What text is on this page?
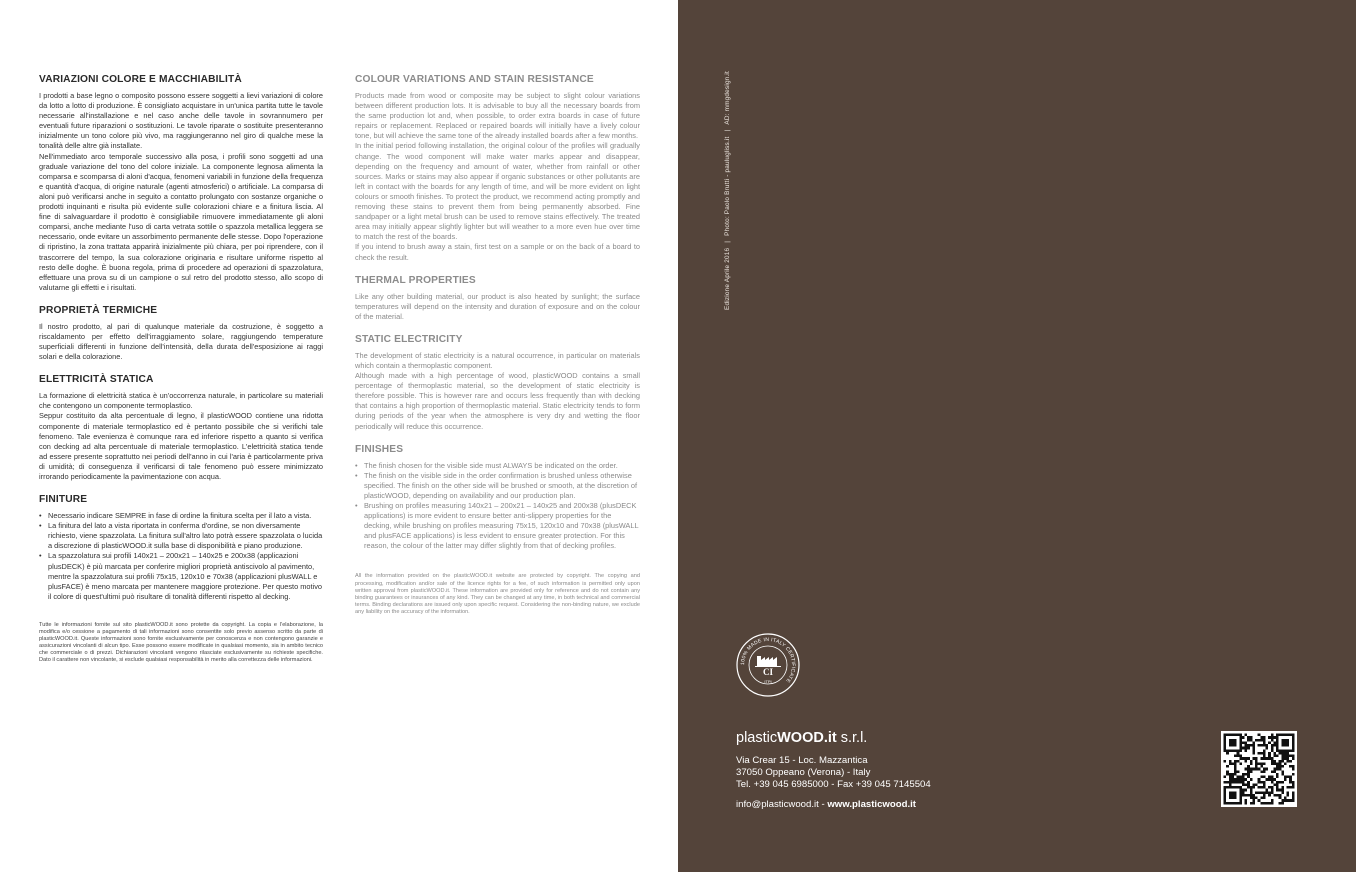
VARIAZIONI COLORE E MACCHIABILITÀ

I prodotti a base legno o composito possono essere soggetti a lievi variazioni di colore da lotto a lotto di produzione. È consigliato acquistare in un'unica partita tutte le tavole necessarie all'installazione e nel caso anche delle tavole in sovrannumero per eventuali future riparazioni o sostituzioni. Le tavole riparate o sostituite presenteranno inizialmente un tono colore più vivo, ma raggiungeranno nel giro di qualche mese la tonalità delle altre già installate.

Nell'immediato arco temporale successivo alla posa, i profili sono soggetti ad una graduale variazione del tono del colore iniziale. La componente legnosa alimenta la comparsa e scomparsa di aloni d'acqua, fenomeni variabili in funzione della frequenza e quantità d'acqua, di origine naturale (agenti atmosferici) o artificiale. La comparsa di aloni può verificarsi anche in seguito a contatto prolungato con sostanze organiche o prodotti inquinanti e risulta più evidente sulle colorazioni chiare e a finitura liscia. Al fine di salvaguardare il prodotto è consigliabile rimuovere immediatamente gli aloni comparsi, anche mediante l'uso di carta vetrata sottile o spazzola metallica leggera se necessario, onde evitare un assorbimento permanente delle stesse. Dopo l'operazione di ripristino, la zona trattata apparirà inizialmente più chiara, per poi riprendere, con il trascorrere del tempo, la sua colorazione originaria e risultare uniforme rispetto al resto delle doghe. È buona regola, prima di procedere ad operazioni di spazzolatura, effettuare una prova su di un campione o sul retro del prodotto stesso, allo scopo di valutarne gli effetti e i risultati.

PROPRIETÀ TERMICHE

Il nostro prodotto, al pari di qualunque materiale da costruzione, è soggetto a riscaldamento per effetto dell'irraggiamento solare, raggiungendo temperature superficiali differenti in funzione dell'intensità, della durata dell'esposizione ai raggi solari e della colorazione.

ELETTRICITÀ STATICA

La formazione di elettricità statica è un'occorrenza naturale, in particolare su materiali che contengono un componente termoplastico.

Seppur costituito da alta percentuale di legno, il plasticWOOD contiene una ridotta componente di materiale termoplastico ed è pertanto possibile che si verifichi tale fenomeno. Tale evenienza è comunque rara ed inferiore rispetto a quanto si verifica con decking ad alta percentuale di materiale termoplastico. L'elettricità statica tende ad essere presente soprattutto nei periodi dell'anno in cui l'aria è particolarmente priva di umidità; di conseguenza il verificarsi di tale fenomeno può essere minimizzato irrorando periodicamente la pavimentazione con acqua.

FINITURE
• Necessario indicare SEMPRE in fase di ordine la finitura scelta per il lato a vista.
• La finitura del lato a vista riportata in conferma d'ordine, se non diversamente richiesto, viene spazzolata. La finitura sull'altro lato potrà essere spazzolata o lucida a discrezione di plasticWOOD.it sulla base di disponibilità e piano produzione.
• La spazzolatura sui profili 140x21 – 200x21 – 140x25 e 200x38 (applicazioni plusDECK) è più marcata per conferire migliori proprietà antiscivolo al pavimento, mentre la spazzolatura sui profili 75x15, 120x10 e 70x38 (applicazioni plusWALL e plusFACE) è meno marcata per mantenere maggiore protezione. Per questo motivo il colore di quest'ultimi può risultare di tonalità differenti rispetto al decking.

Tutte le informazioni fornite sul sito plasticWOOD.it sono protette da copyright. La copia e l'elaborazione, la modifica e/o cessione a pagamento di tali informazioni sono consentite solo previo assenso scritto da parte di plasticWOOD.it. Queste informazioni sono fornite esclusivamente per conoscenza e non contengono garanzie e assicurazioni vincolanti di alcun tipo. Esse possono essere modificate in qualsiasi momento, sia in ambito tecnico che commerciale o di prezzi. Dichiarazioni vincolanti vengono rilasciate esclusivamente su richieste specifiche. Dato il carattere non vincolante, si esclude qualsiasi responsabilità in merito alla correttezza delle informazioni.

COLOUR VARIATIONS AND STAIN RESISTANCE

Products made from wood or composite may be subject to slight colour variations between different production lots. It is advisable to buy all the necessary boards from the same production lot and, when possible, to order extra boards in case of future repairs or replacement. Replaced or repaired boards will initially have a lively colour tone, but will achieve the same tone of the already installed boards after a few months.

In the initial period following installation, the original colour of the profiles will gradually change. The wood component will make water marks appear and disappear, depending on the frequency and amount of water, whether from rainfall or other sources. Marks or stains may also appear if organic substances or other pollutants are left in contact with the boards for any length of time, and will be more evident on light colours or smooth finishes. To protect the product, we recommend acting promptly and removing these stains to prevent them from being permanently absorbed. Fine sandpaper or a light metal brush can be used to remove stains effectively. The treated area may initially appear slightly lighter but will weather to a more even hue over time to match the rest of the boards.

If you intend to brush away a stain, first test on a sample or on the back of a board to check the result.

THERMAL PROPERTIES

Like any other building material, our product is also heated by sunlight; the surface temperatures will depend on the intensity and duration of exposure and on the colour of the material.

STATIC ELECTRICITY

The development of static electricity is a natural occurrence, in particular on materials which contain a thermoplastic component.

Although made with a high percentage of wood, plasticWOOD contains a small percentage of thermoplastic material, so the development of static electricity is therefore possible. This is however rare and occurs less frequently than with decking that contains a high proportion of thermoplastic material. Static electricity tends to form during periods of the year when the atmosphere is very dry and wetting the floor periodically will reduce this occurrence.

FINISHES
• The finish chosen for the visible side must ALWAYS be indicated on the order.
• The finish on the visible side in the order confirmation is brushed unless otherwise specified. The finish on the other side will be brushed or smooth, at the discretion of plasticWOOD, depending on availability and our production plan.
• Brushing on profiles measuring 140x21 – 200x21 – 140x25 and 200x38 (plusDECK applications) is more evident to ensure better anti-slippery properties for the decking, while brushing on profiles measuring 75x15, 120x10 and 70x38 (plusWALL and plusFACE applications) is less evident to ensure greater protection. For this reason, the colour of the latter may differ slightly from that of decking profiles.

All the information provided on the plasticWOOD.it website are protected by copyright. The copying and processing, modification and/or sale of the licence rights for a fee, of such information is permitted only upon written approval from plasticWOOD.it. These information are provided only for reference and do not contain any binding guarantees or insurances of any kind. They can be changed at any time, in both technical and commercial terms. Binding declarations are issued only upon specific request. Considering the non-binding nature, we exclude any liability on the accuracy of the information.

Edizione Aprile 2016|Photo: Paolo Brutti - paulugliss.it|AD: mmgdesign.it
100% MADE IN ITALY CERTIFICATE
CI
ITPI
plasticWOOD.it s.r.l.
Via Crear 15 - Loc. Mazzantica
37050 Oppeano (Verona) - Italy
Tel. +39 045 6985000 - Fax +39 045 7145504
info@plasticwood.it - www.plasticwood.it
